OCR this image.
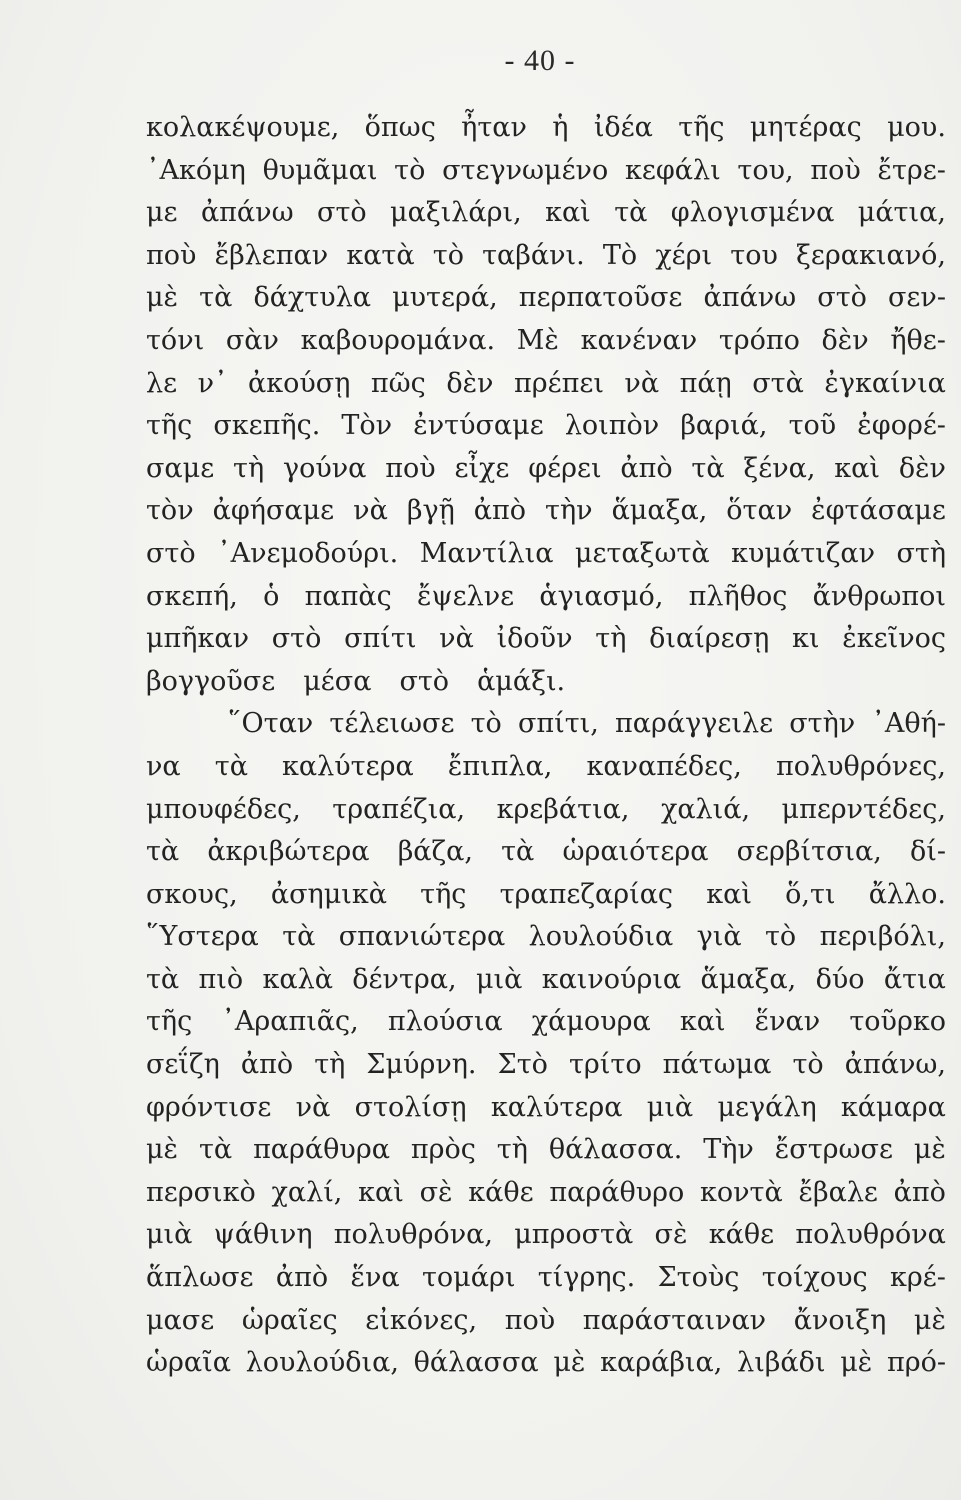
- 40 -
κολακέψουμε, ὅπως ἦταν ἡ ἰδέα τῆς μητέρας μου.
᾿Ακόμη θυμᾶμαι τὸ στεγνωμένο κεφάλι του, ποὺ ἔτρε-
με ἀπάνω στὸ μαξιλάρι, καὶ τὰ φλογισμένα μάτια,
ποὺ ἔβλεπαν κατὰ τὸ ταβάνι. Τὸ χέρι του ξερακιανό,
μὲ τὰ δάχτυλα μυτερά, περπατοῦσε ἀπάνω στὸ σεν-
τόνι σὰν καβουρομάνα. Μὲ κανέναν τρόπο δὲν ἤθε-
λε ν᾿ ἀκούσῃ πῶς δὲν πρέπει νὰ πάῃ στὰ ἐγκαίνια
τῆς σκεπῆς. Τὸν ἐντύσαμε λοιπὸν βαριά, τοῦ ἐφορέ-
σαμε τὴ γούνα ποὺ εἶχε φέρει ἀπὸ τὰ ξένα, καὶ δὲν
τὸν ἀφήσαμε νὰ βγῇ ἀπὸ τὴν ἅμαξα, ὅταν ἐφτάσαμε
στὸ ᾿Ανεμοδούρι. Μαντίλια μεταξωτὰ κυμάτιζαν στὴ
σκεπή, ὁ παπὰς ἔψελνε ἁγιασμό, πλῆθος ἄνθρωποι
μπῆκαν στὸ σπίτι νὰ ἰδοῦν τὴ διαίρεσῃ κι ἐκεῖνος
βογγοῦσε μέσα στὸ ἁμάξι.
῞Οταν τέλειωσε τὸ σπίτι, παράγγειλε στὴν ᾿Αθή-
να τὰ καλύτερα ἔπιπλα, καναπέδες, πολυθρόνες,
μπουφέδες, τραπέζια, κρεβάτια, χαλιά, μπερντέδες,
τὰ ἀκριβώτερα βάζα, τὰ ὡραιότερα σερβίτσια, δί-
σκους, ἀσημικὰ τῆς τραπεζαρίας καὶ ὅ,τι ἄλλο.
῞Υστερα τὰ σπανιώτερα λουλούδια γιὰ τὸ περιβόλι,
τὰ πιὸ καλὰ δέντρα, μιὰ καινούρια ἅμαξα, δύο ἄτια
τῆς ᾿Αραπιᾶς, πλούσια χάμουρα καὶ ἕναν τοῦρκο
σεΐζη ἀπὸ τὴ Σμύρνη. Στὸ τρίτο πάτωμα τὸ ἀπάνω,
φρόντισε νὰ στολίσῃ καλύτερα μιὰ μεγάλη κάμαρα
μὲ τὰ παράθυρα πρὸς τὴ θάλασσα. Τὴν ἔστρωσε μὲ
περσικὸ χαλί, καὶ σὲ κάθε παράθυρο κοντὰ ἔβαλε ἀπὸ
μιὰ ψάθινη πολυθρόνα, μπροστὰ σὲ κάθε πολυθρόνα
ἅπλωσε ἀπὸ ἕνα τομάρι τίγρης. Στοὺς τοίχους κρέ-
μασε ὡραῖες εἰκόνες, ποὺ παράσταιναν ἄνοιξη μὲ
ὡραῖα λουλούδια, θάλασσα μὲ καράβια, λιβάδι μὲ πρό-
